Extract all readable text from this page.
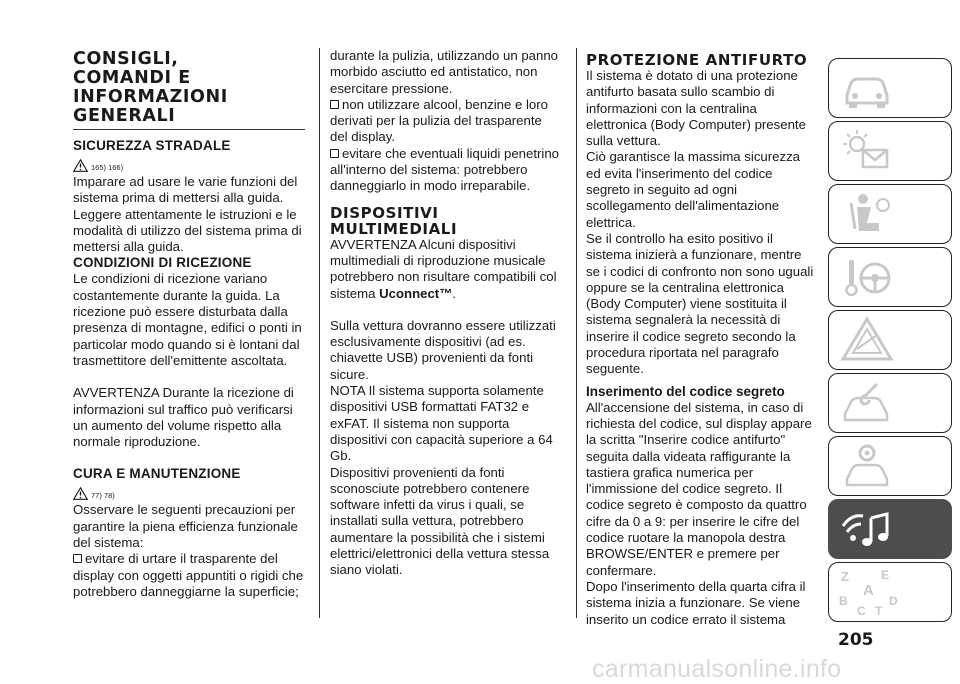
CONSIGLI,
COMANDI E
INFORMAZIONI
GENERALI
SICUREZZA STRADALE
165) 166)

Imparare ad usare le varie funzioni del sistema prima di mettersi alla guida.

Leggere attentamente le istruzioni e le modalità di utilizzo del sistema prima di mettersi alla guida.

CONDIZIONI DI RICEZIONE

Le condizioni di ricezione variano costantemente durante la guida. La ricezione può essere disturbata dalla presenza di montagne, edifici o ponti in particolar modo quando si è lontani dal trasmettitore dell'emittente ascoltata.

AVVERTENZA Durante la ricezione di informazioni sul traffico può verificarsi un aumento del volume rispetto alla normale riproduzione.

CURA E MANUTENZIONE
77) 78)

Osservare le seguenti precauzioni per garantire la piena efficienza funzionale del sistema:

evitare di urtare il trasparente del display con oggetti appuntiti o rigidi che potrebbero danneggiarne la superficie;

durante la pulizia, utilizzando un panno morbido asciutto ed antistatico, non esercitare pressione.

non utilizzare alcool, benzine e loro derivati per la pulizia del trasparente del display.

evitare che eventuali liquidi penetrino all'interno del sistema: potrebbero danneggiarlo in modo irreparabile.

DISPOSITIVI
MULTIMEDIALI

AVVERTENZA Alcuni dispositivi multimediali di riproduzione musicale potrebbero non risultare compatibili col sistema Uconnect™.

Sulla vettura dovranno essere utilizzati esclusivamente dispositivi (ad es. chiavette USB) provenienti da fonti sicure.

NOTA Il sistema supporta solamente dispositivi USB formattati FAT32 e exFAT. Il sistema non supporta dispositivi con capacità superiore a 64 Gb.

Dispositivi provenienti da fonti sconosciute potrebbero contenere software infetti da virus i quali, se installati sulla vettura, potrebbero aumentare la possibilità che i sistemi elettrici/elettronici della vettura stessa siano violati.

PROTEZIONE ANTIFURTO

Il sistema è dotato di una protezione antifurto basata sullo scambio di informazioni con la centralina elettronica (Body Computer) presente sulla vettura.

Ciò garantisce la massima sicurezza ed evita l'inserimento del codice segreto in seguito ad ogni scollegamento dell'alimentazione elettrica.

Se il controllo ha esito positivo il sistema inizierà a funzionare, mentre se i codici di confronto non sono uguali oppure se la centralina elettronica (Body Computer) viene sostituita il sistema segnalerà la necessità di inserire il codice segreto secondo la procedura riportata nel paragrafo seguente.

Inserimento del codice segreto

All'accensione del sistema, in caso di richiesta del codice, sul display appare la scritta "Inserire codice antifurto" seguita dalla videata raffigurante la tastiera grafica numerica per l'immissione del codice segreto. Il codice segreto è composto da quattro cifre da 0 a 9: per inserire le cifre del codice ruotare la manopola destra BROWSE/ENTER e premere per confermare.

Dopo l'inserimento della quarta cifra il sistema inizia a funzionare. Se viene inserito un codice errato il sistema

Z	E
A
B
C
D
T
205
carmanualsonline.info
